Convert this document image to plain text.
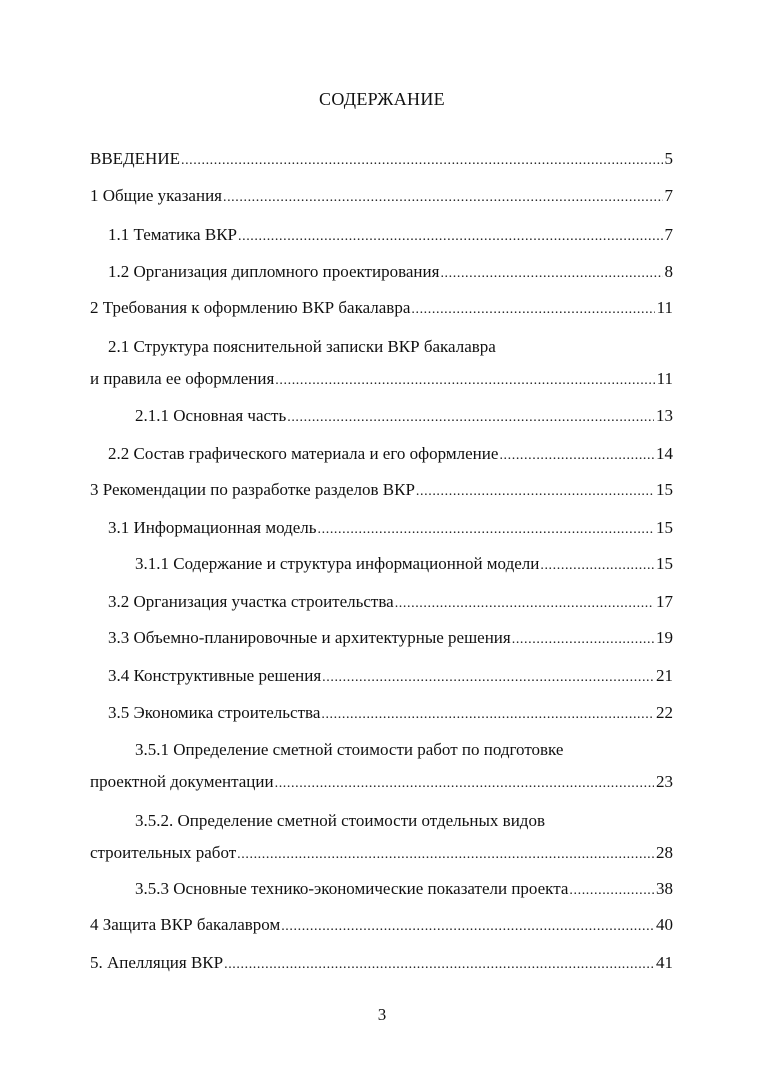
СОДЕРЖАНИЕ
ВВЕДЕНИЕ .....	5
1 Общие указания .....	7
1.1 Тематика ВКР .....	7
1.2 Организация дипломного проектирования .....	8
2 Требования к оформлению ВКР бакалавра .....	11
2.1 Структура пояснительной записки ВКР бакалавра
и правила ее оформления .....	11
2.1.1 Основная часть .....	13
2.2 Состав графического материала и его оформление .....	14
3 Рекомендации по разработке разделов ВКР .....	15
3.1 Информационная модель .....	15
3.1.1 Содержание и структура информационной модели .....	15
3.2 Организация участка строительства .....	17
3.3 Объемно-планировочные и архитектурные решения .....	19
3.4 Конструктивные решения .....	21
3.5 Экономика строительства .....	22
3.5.1 Определение сметной стоимости работ по подготовке
проектной документации .....	23
3.5.2. Определение сметной стоимости отдельных видов
строительных работ .....	28
3.5.3 Основные технико-экономические показатели проекта .....	38
4 Защита ВКР бакалавром .....	40
5. Апелляция ВКР .....	41
3
